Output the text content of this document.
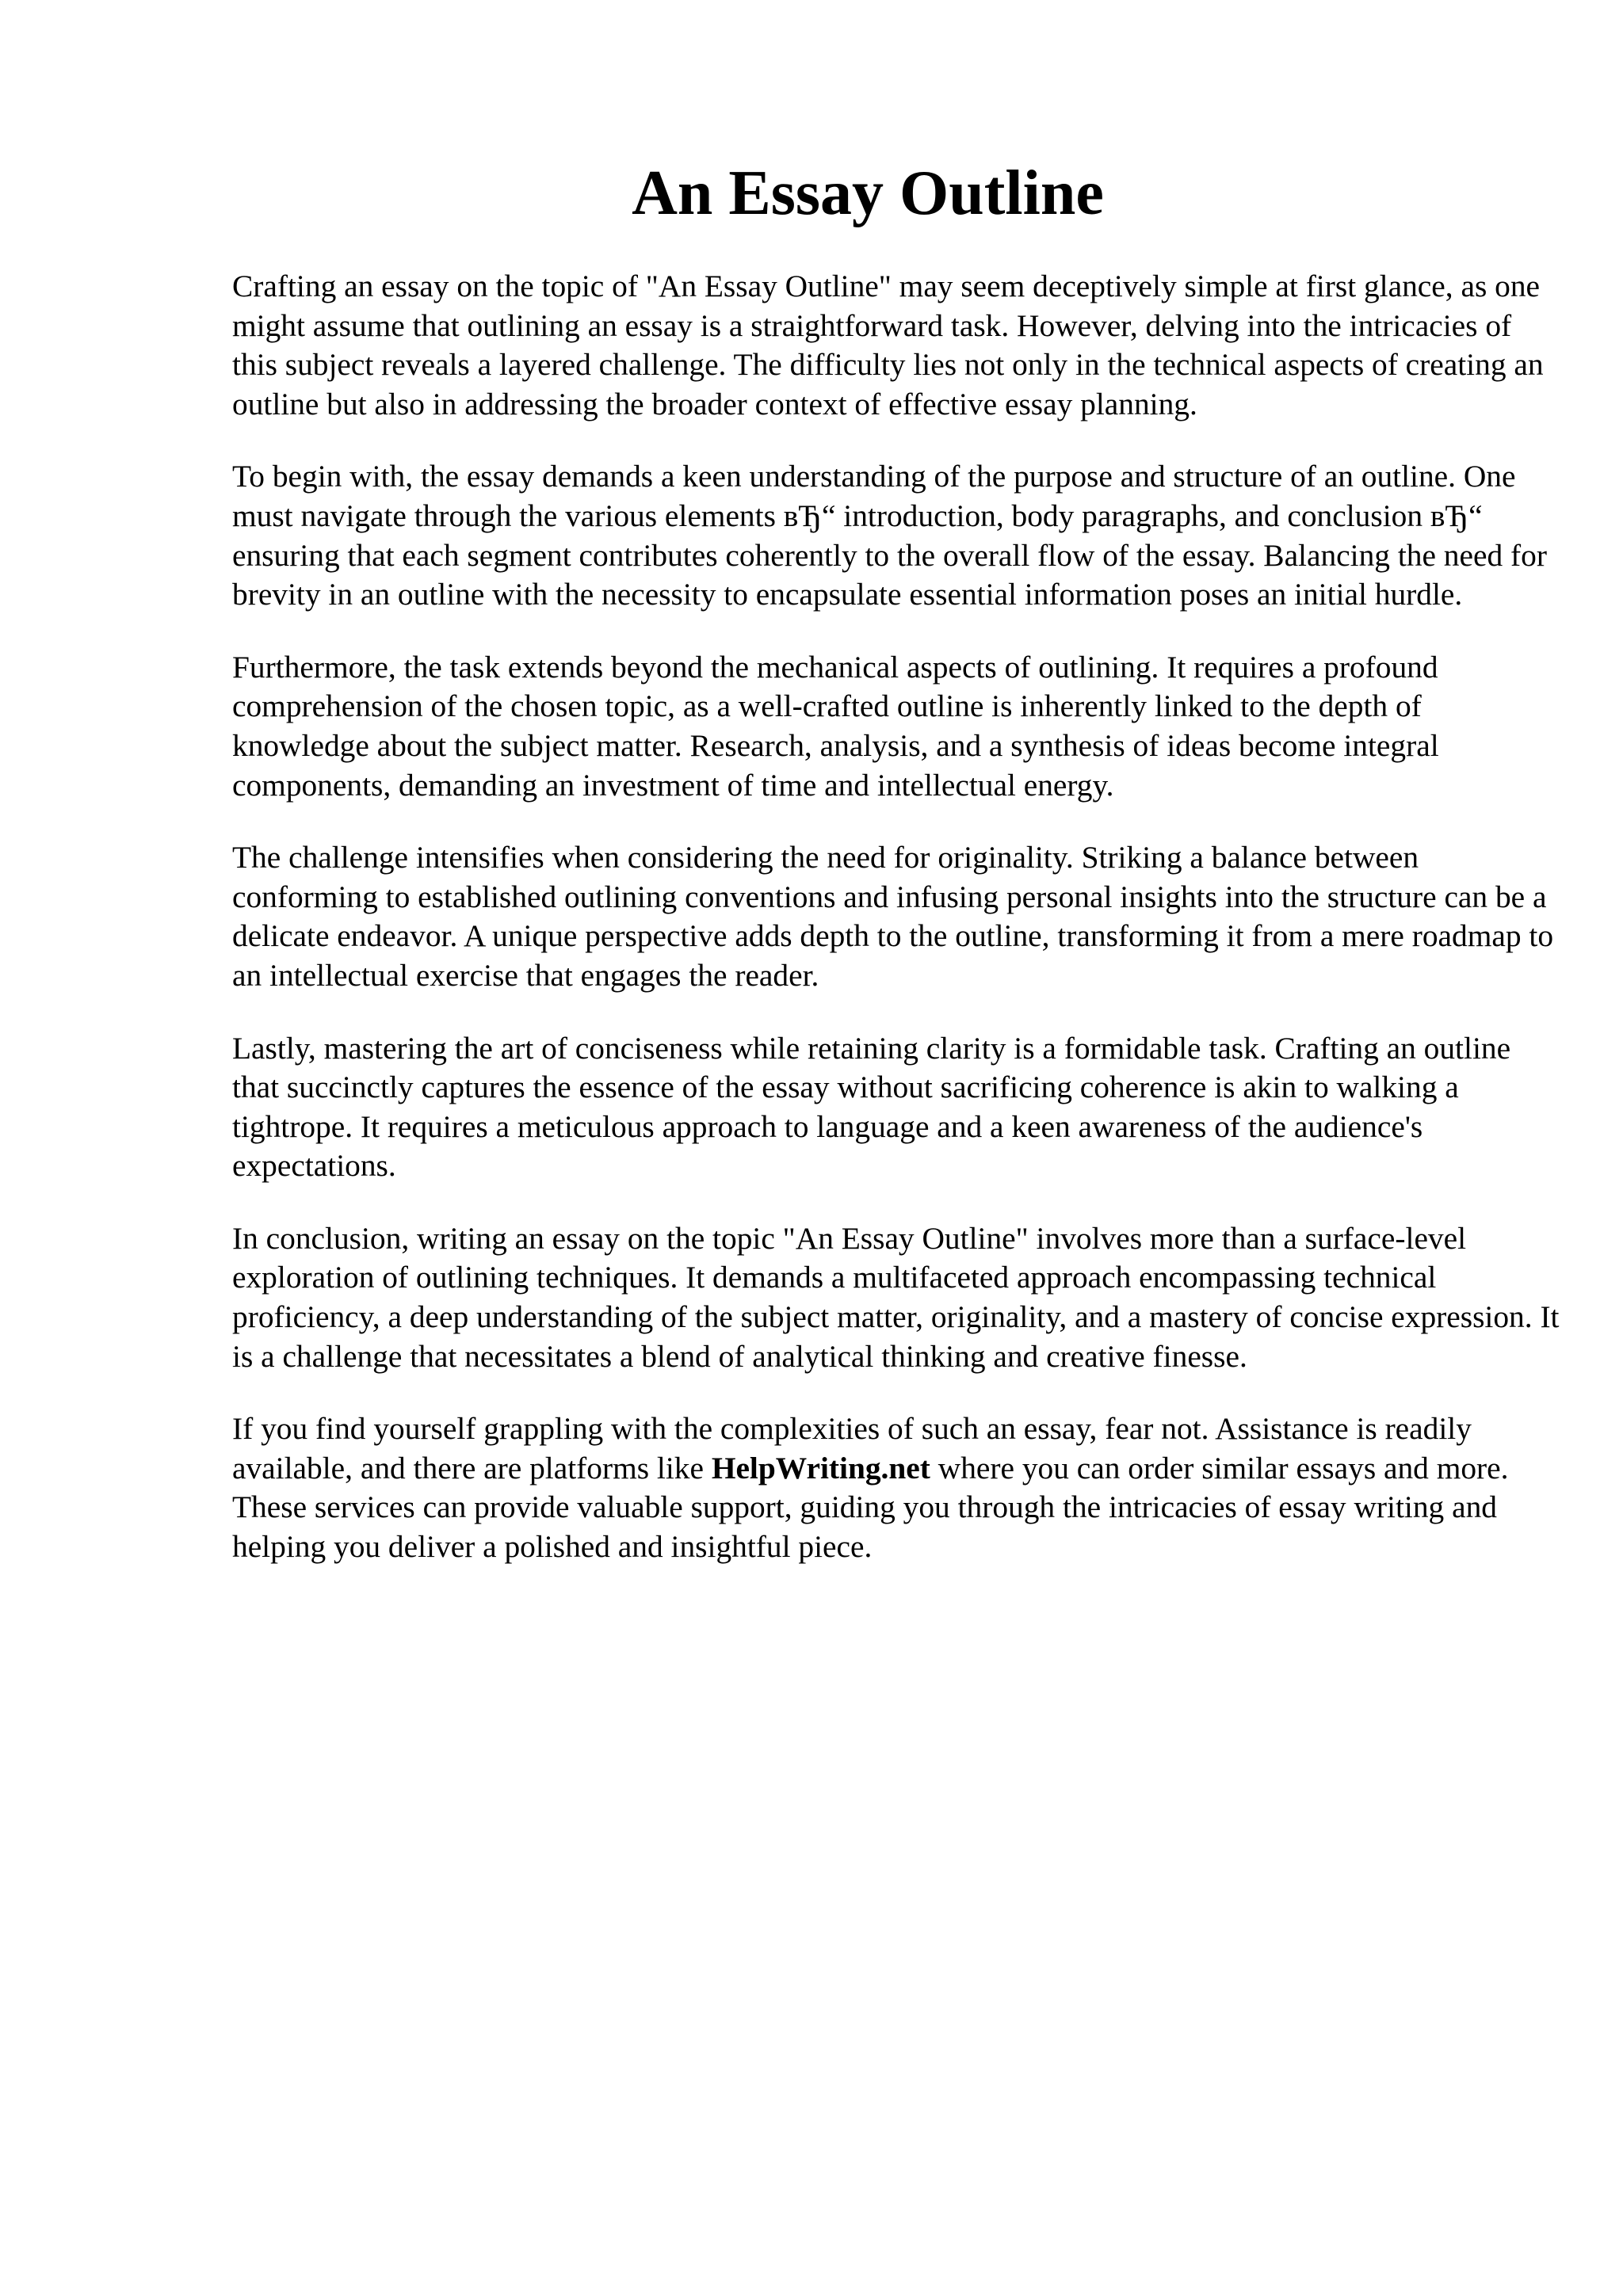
An Essay Outline

Crafting an essay on the topic of "An Essay Outline" may seem deceptively simple at first glance, as one might assume that outlining an essay is a straightforward task. However, delving into the intricacies of this subject reveals a layered challenge. The difficulty lies not only in the technical aspects of creating an outline but also in addressing the broader context of effective essay planning.

To begin with, the essay demands a keen understanding of the purpose and structure of an outline. One must navigate through the various elements вЂ“ introduction, body paragraphs, and conclusion вЂ“ ensuring that each segment contributes coherently to the overall flow of the essay. Balancing the need for brevity in an outline with the necessity to encapsulate essential information poses an initial hurdle.

Furthermore, the task extends beyond the mechanical aspects of outlining. It requires a profound comprehension of the chosen topic, as a well-crafted outline is inherently linked to the depth of knowledge about the subject matter. Research, analysis, and a synthesis of ideas become integral components, demanding an investment of time and intellectual energy.

The challenge intensifies when considering the need for originality. Striking a balance between conforming to established outlining conventions and infusing personal insights into the structure can be a delicate endeavor. A unique perspective adds depth to the outline, transforming it from a mere roadmap to an intellectual exercise that engages the reader.

Lastly, mastering the art of conciseness while retaining clarity is a formidable task. Crafting an outline that succinctly captures the essence of the essay without sacrificing coherence is akin to walking a tightrope. It requires a meticulous approach to language and a keen awareness of the audience's expectations.

In conclusion, writing an essay on the topic "An Essay Outline" involves more than a surface-level exploration of outlining techniques. It demands a multifaceted approach encompassing technical proficiency, a deep understanding of the subject matter, originality, and a mastery of concise expression. It is a challenge that necessitates a blend of analytical thinking and creative finesse.

If you find yourself grappling with the complexities of such an essay, fear not. Assistance is readily available, and there are platforms like HelpWriting.net where you can order similar essays and more. These services can provide valuable support, guiding you through the intricacies of essay writing and helping you deliver a polished and insightful piece.
